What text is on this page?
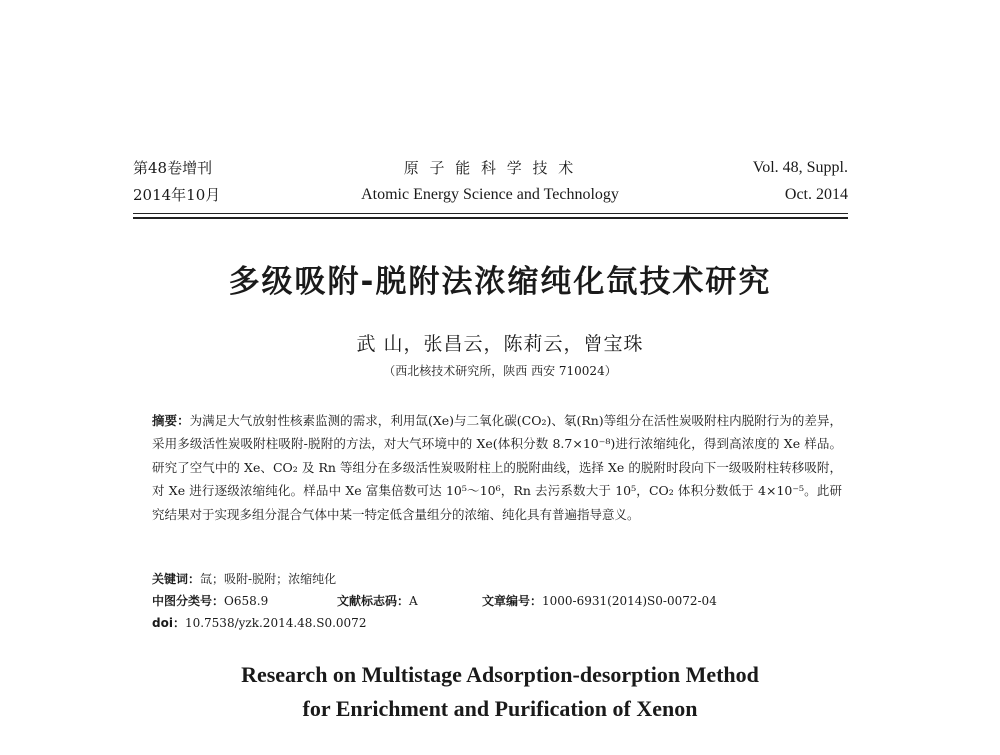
第48卷增刊
2014年10月
原 子 能 科 学 技 术
Atomic Energy Science and Technology
Vol. 48, Suppl.
Oct. 2014
多级吸附-脱附法浓缩纯化氙技术研究
武 山，张昌云，陈莉云，曾宝珠
（西北核技术研究所，陕西 西安 710024）

摘要：为满足大气放射性核素监测的需求，利用氙(Xe)与二氧化碳(CO₂)、氡(Rn)等组分在活性炭吸附柱内脱附行为的差异，采用多级活性炭吸附柱吸附-脱附的方法，对大气环境中的 Xe(体积分数 8.7×10⁻⁸)进行浓缩纯化，得到高浓度的 Xe 样品。研究了空气中的 Xe、CO₂ 及 Rn 等组分在多级活性炭吸附柱上的脱附曲线，选择 Xe 的脱附时段向下一级吸附柱转移吸附，对 Xe 进行逐级浓缩纯化。样品中 Xe 富集倍数可达 10⁵～10⁶，Rn 去污系数大于 10⁵，CO₂ 体积分数低于 4×10⁻⁵。此研究结果对于实现多组分混合气体中某一特定低含量组分的浓缩、纯化具有普遍指导意义。

关键词：氙；吸附-脱附；浓缩纯化
中图分类号：O658.9	文献标志码：A	文章编号：1000-6931(2014)S0-0072-04
doi：10.7538/yzk.2014.48.S0.0072
Research on Multistage Adsorption-desorption Method
for Enrichment and Purification of Xenon
